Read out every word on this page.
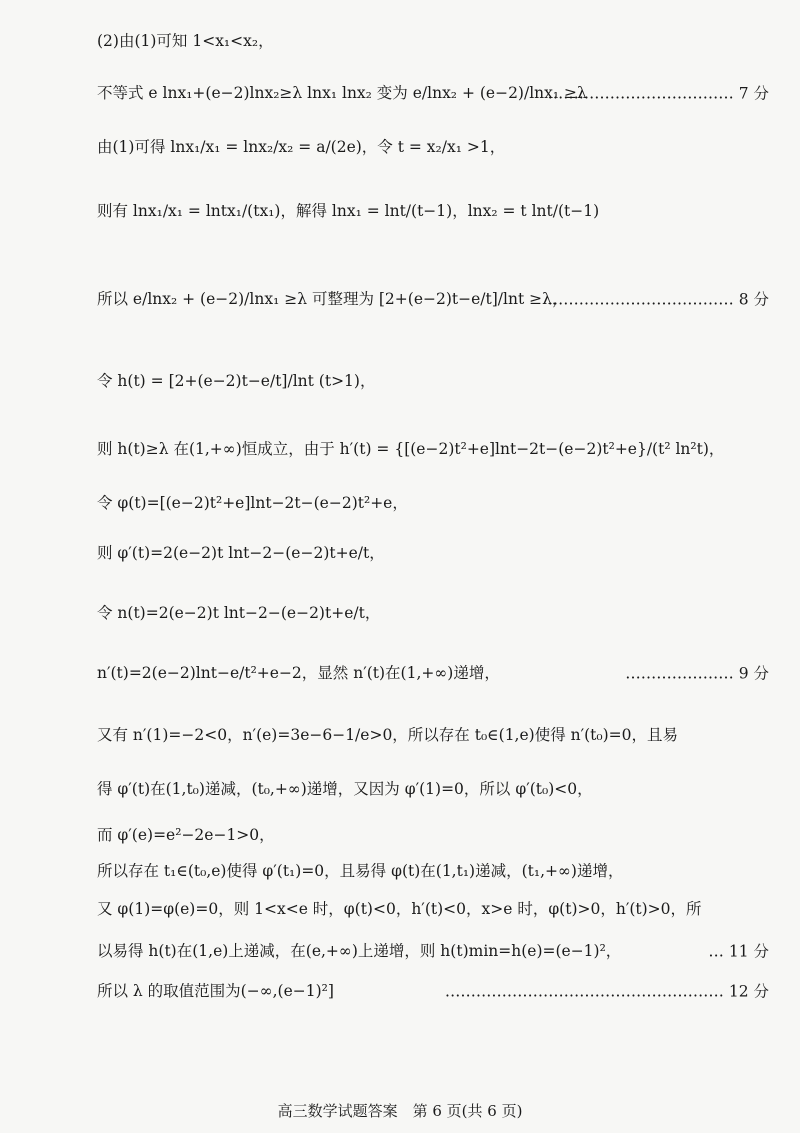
(2)由(1)可知 1<x₁<x₂，
不等式 e lnx₁+(e−2)lnx₂≥λ lnx₁ lnx₂ 变为 e/lnx₂ + (e−2)/lnx₁ ≥λ
……………………………… 7 分
由(1)可得 lnx₁/x₁ = lnx₂/x₂ = a/(2e)，令 t = x₂/x₁ >1，
则有 lnx₁/x₁ = lntx₁/(tx₁)，解得 lnx₁ = lnt/(t−1)，lnx₂ = t lnt/(t−1)
所以 e/lnx₂ + (e−2)/lnx₁ ≥λ 可整理为 [2+(e−2)t−e/t]/lnt ≥λ，
……………………………… 8 分
令 h(t) = [2+(e−2)t−e/t]/lnt (t>1)，
则 h(t)≥λ 在(1,+∞)恒成立，由于 h′(t) = {[(e−2)t²+e]lnt−2t−(e−2)t²+e}/(t² ln²t)，
令 φ(t)=[(e−2)t²+e]lnt−2t−(e−2)t²+e，
则 φ′(t)=2(e−2)t lnt−2−(e−2)t+e/t，
令 n(t)=2(e−2)t lnt−2−(e−2)t+e/t，
n′(t)=2(e−2)lnt−e/t²+e−2，显然 n′(t)在(1,+∞)递增，	………………… 9 分
又有 n′(1)=−2<0，n′(e)=3e−6−1/e>0，所以存在 t₀∈(1,e)使得 n′(t₀)=0，且易
得 φ′(t)在(1,t₀)递减，(t₀,+∞)递增，又因为 φ′(1)=0，所以 φ′(t₀)<0，
而 φ′(e)=e²−2e−1>0，
所以存在 t₁∈(t₀,e)使得 φ′(t₁)=0，且易得 φ(t)在(1,t₁)递减，(t₁,+∞)递增，
又 φ(1)=φ(e)=0，则 1<x<e 时，φ(t)<0，h′(t)<0，x>e 时，φ(t)>0，h′(t)>0，所
以易得 h(t)在(1,e)上递减，在(e,+∞)上递增，则 h(t)min=h(e)=(e−1)²，	… 11 分
所以 λ 的取值范围为(−∞,(e−1)²]	……………………………………………… 12 分
高三数学试题答案　第 6 页(共 6 页)
